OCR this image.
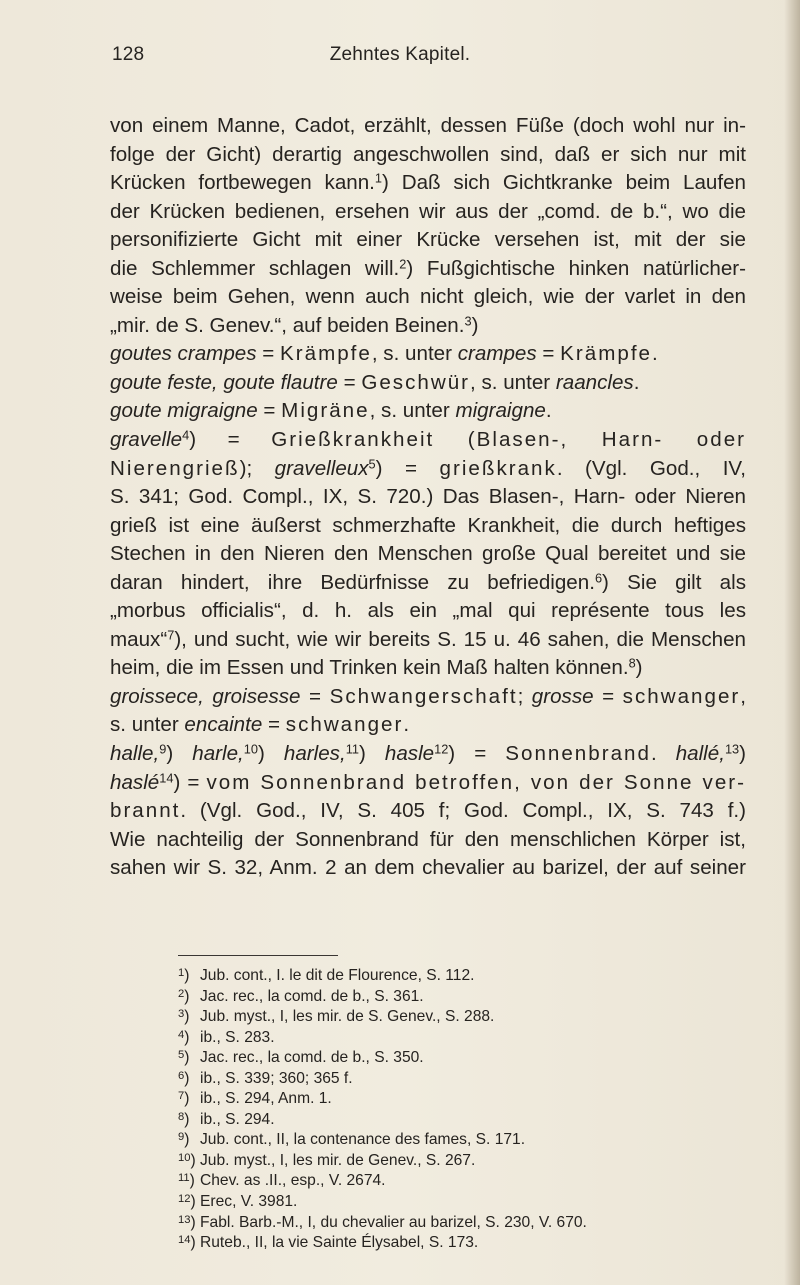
128	Zehntes Kapitel.
von einem Manne, Cadot, erzählt, dessen Füße (doch wohl nur in-
folge der Gicht) derartig angeschwollen sind, daß er sich nur mit
Krücken fortbewegen kann.$^1$) Daß sich Gichtkranke beim Laufen
der Krücken bedienen, ersehen wir aus der „comd. de b.“, wo die
personifizierte Gicht mit einer Krücke versehen ist, mit der sie
die Schlemmer schlagen will.$^2$) Fußgichtische hinken natürlicher-
weise beim Gehen, wenn auch nicht gleich, wie der varlet in den
„mir. de S. Genev.“, auf beiden Beinen.$^3$)
goutes crampes = Krämpfe, s. unter crampes = Krämpfe.
goute feste, goute flautre = Geschwür, s. unter raancles.
goute migraigne = Migräne, s. unter migraigne.
gravelle$^4$) = Grießkrankheit (Blasen-, Harn- oder
Nierengrieß); gravelleux$^5$) = grießkrank. (Vgl. God., IV,
S. 341; God. Compl., IX, S. 720.) Das Blasen-, Harn- oder Nieren
grieß ist eine äußerst schmerzhafte Krankheit, die durch heftiges
Stechen in den Nieren den Menschen große Qual bereitet und sie
daran hindert, ihre Bedürfnisse zu befriedigen.$^6$) Sie gilt als
„morbus officialis“, d. h. als ein „mal qui représente tous les
maux“$^7$), und sucht, wie wir bereits S. 15 u. 46 sahen, die Menschen
heim, die im Essen und Trinken kein Maß halten können.$^8$)
groissece, groisesse = Schwangerschaft; grosse = schwanger,
s. unter encainte = schwanger.
halle,$^9$) harle,$^{10}$) harles,$^{11}$) hasle$^{12}$) = Sonnenbrand. hallé,$^{13}$)
haslé$^{14}$) = vom Sonnenbrand betroffen, von der Sonne ver-
brannt. (Vgl. God., IV, S. 405 f; God. Compl., IX, S. 743 f.)
Wie nachteilig der Sonnenbrand für den menschlichen Körper ist,
sahen wir S. 32, Anm. 2 an dem chevalier au barizel, der auf seiner
$^1$) Jub. cont., I. le dit de Flourence, S. 112.
$^2$) Jac. rec., la comd. de b., S. 361.
$^3$) Jub. myst., I, les mir. de S. Genev., S. 288.
$^4$) ib., S. 283.
$^5$) Jac. rec., la comd. de b., S. 350.
$^6$) ib., S. 339; 360; 365 f.
$^7$) ib., S. 294, Anm. 1.
$^8$) ib., S. 294.
$^9$) Jub. cont., II, la contenance des fames, S. 171.
$^{10}$) Jub. myst., I, les mir. de Genev., S. 267.
$^{11}$) Chev. as .II., esp., V. 2674.
$^{12}$) Erec, V. 3981.
$^{13}$) Fabl. Barb.-M., I, du chevalier au barizel, S. 230, V. 670.
$^{14}$) Ruteb., II, la vie Sainte Élysabel, S. 173.
